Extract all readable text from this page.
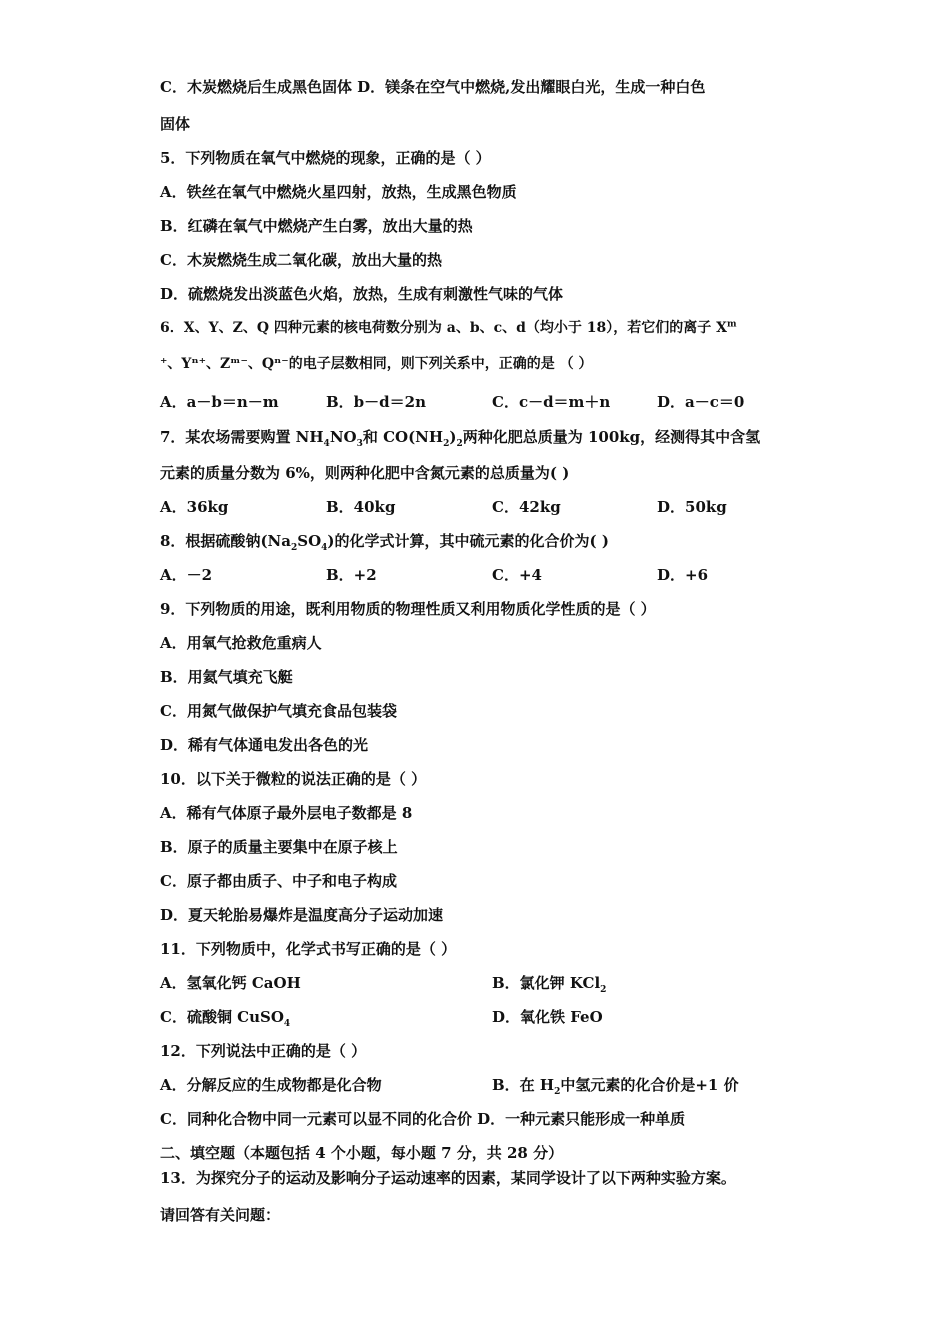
C．木炭燃烧后生成黑色固体 D．镁条在空气中燃烧,发出耀眼白光，生成一种白色

固体

5．下列物质在氧气中燃烧的现象，正确的是（ ）

A．铁丝在氧气中燃烧火星四射，放热，生成黑色物质

B．红磷在氧气中燃烧产生白雾，放出大量的热

C．木炭燃烧生成二氧化碳，放出大量的热

D．硫燃烧发出淡蓝色火焰，放热，生成有刺激性气味的气体

6．X、Y、Z、Q 四种元素的核电荷数分别为 a、b、c、d（均小于 18），若它们的离子 $X^m$

⁺、Yⁿ⁺、Zᵐ⁻、Qⁿ⁻的电子层数相同，则下列关系中，正确的是 （ ）

A．a－b＝n－m	B．b－d＝2n	C．c－d＝m＋n	D．a－c＝0

7．某农场需要购置 $NH_4NO_3$和 $CO(NH_2)_2$两种化肥总质量为 100kg，经测得其中含氢

元素的质量分数为 6%，则两种化肥中含氮元素的总质量为( )

A．36kg	B．40kg	C．42kg	D．50kg

8．根据硫酸钠$(Na_2SO_4)$的化学式计算，其中硫元素的化合价为( )

A．－2	B．+2	C．+4	D．+6

9．下列物质的用途，既利用物质的物理性质又利用物质化学性质的是（ ）

A．用氧气抢救危重病人

B．用氦气填充飞艇

C．用氮气做保护气填充食品包装袋

D．稀有气体通电发出各色的光

10．以下关于微粒的说法正确的是（ ）

A．稀有气体原子最外层电子数都是 8

B．原子的质量主要集中在原子核上

C．原子都由质子、中子和电子构成

D．夏天轮胎易爆炸是温度高分子运动加速

11．下列物质中，化学式书写正确的是（ ）

A．氢氧化钙 CaOH	B．氯化钾 KCl$_2$
C．硫酸铜 CuSO$_4$	D．氧化铁 FeO

12．下列说法中正确的是（ ）

A．分解反应的生成物都是化合物	B．在 $H_2$中氢元素的化合价是+1 价

C．同种化合物中同一元素可以显不同的化合价 D．一种元素只能形成一种单质

二、填空题（本题包括 4 个小题，每小题 7 分，共 28 分）

13．为探究分子的运动及影响分子运动速率的因素，某同学设计了以下两种实验方案。

请回答有关问题：
